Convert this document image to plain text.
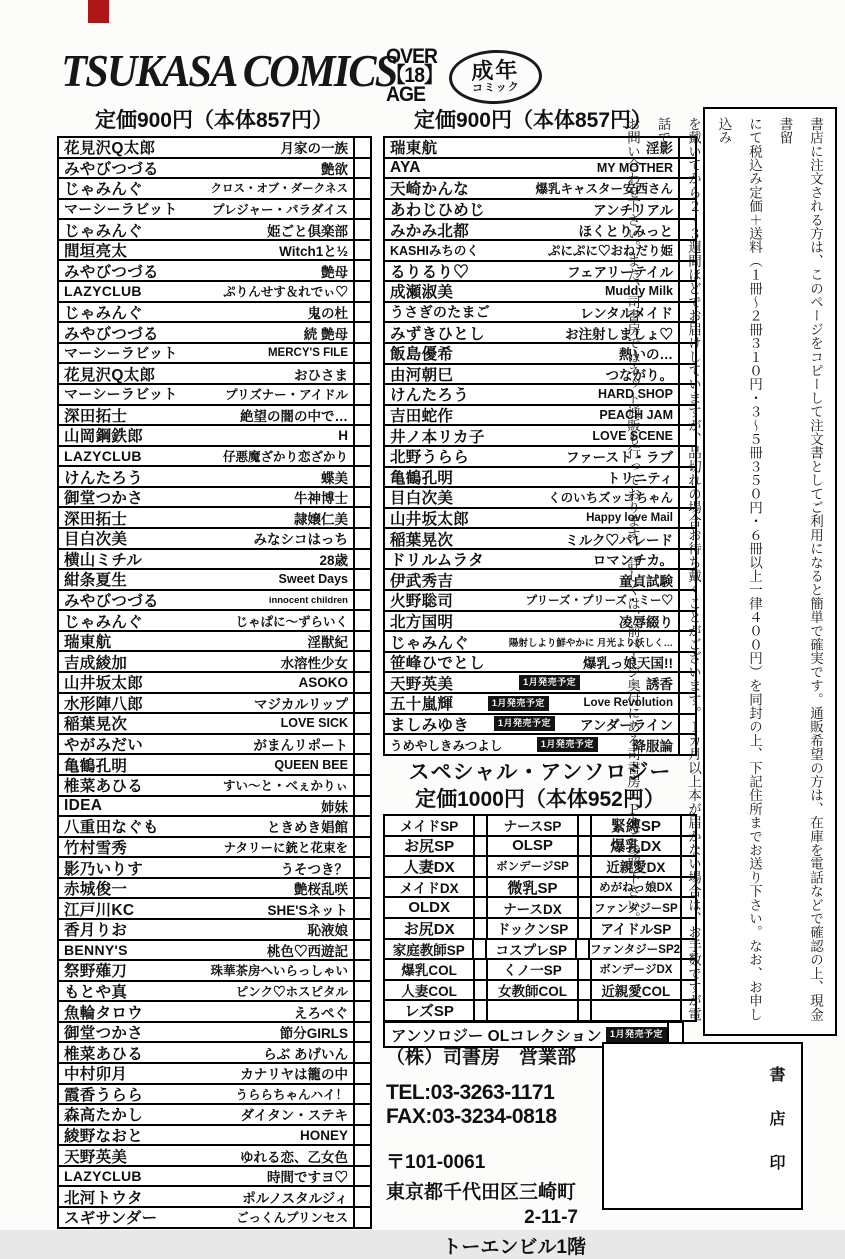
TSUKASA COMICS
OVER
【18】
AGE
成年
コミック
定価900円（本体857円）	定価900円（本体857円）
花見沢Q太郎	月家の一族
みやびつづる	艶欲
じゃみんぐ	クロス・オブ・ダークネス
マーシーラビット	プレジャー・パラダイス
じゃみんぐ	姫ごと倶楽部
間垣亮太	Witch1と½
みやびつづる	艶母
LAZYCLUB	ぷりんせす＆れでぃ♡
じゃみんぐ	鬼の杜
みやびつづる	続 艶母
マーシーラビット	MERCY'S FILE
花見沢Q太郎	おひさま
マーシーラビット	プリズナー・アイドル
深田拓士	絶望の闇の中で…
山岡鋼鉄郎	H
LAZYCLUB	仔悪魔ざかり恋ざかり
けんたろう	蝶美
御堂つかさ	牛神博士
深田拓士	隷嬢仁美
目白次美	みなシコはっち
横山ミチル	28歳
紺条夏生	Sweet Days
みやびつづる	innocent children
じゃみんぐ	じゃぱに〜ずらいく
瑞東航	淫獣紀
吉成綾加	水溶性少女
山井坂太郎	ASOKO
水形陣八郎	マジカルリップ
稲葉晃次	LOVE SICK
やがみだい	がまんリポート
亀鶴孔明	QUEEN BEE
椎菜あひる	すい〜と・べぇかりぃ
IDEA	姉妹
八重田なぐも	ときめき娼館
竹村雪秀	ナタリーに銃と花束を
影乃いりす	うそつき？
赤城俊一	艶桜乱咲
江戸川KC	SHE'Sネット
香月りお	恥液娘
BENNY'S	桃色♡西遊記
祭野薙刀	珠華茶房へいらっしゃい
もとや真	ピンク♡ホスピタル
魚輪タロウ	えろぺぐ
御堂つかさ	節分GIRLS
椎菜あひる	らぶ あげいん
中村卯月	カナリヤは籠の中
霞香うらら	うららちゃんハイ！
森高たかし	ダイタン・ステキ
綾野なおと	HONEY
天野英美	ゆれる恋、乙女色
LAZYCLUB	時間ですヨ♡
北河トウタ	ポルノスタルジィ
スギサンダー	ごっくんプリンセス
瑞東航	淫影
AYA	MY MOTHER
天崎かんな	爆乳キャスター安西さん
あわじひめじ	アンチリアル
みかみ北都	ほくとりみっと
KASHIみちのく	ぷにぷに♡おねだり姫
るりるり♡	フェアリーテイル
成瀬淑美	Muddy Milk
うさぎのたまご	レンタルメイド
みずきひとし	お注射しましょ♡
飯島優希	熱いの…
由河朝巳	つながり。
けんたろう	HARD SHOP
吉田蛇作	PEACH JAM
井ノ本リカ子	LOVE SCENE
北野うらら	ファースト・ラブ
亀鶴孔明	トリニティ
目白次美	くのいちズッコちゃん
山井坂太郎	Happy love Mail
稲葉晃次	ミルク♡パレード
ドリルムラタ	ロマンチカ。
伊武秀吉	童貞試験
火野聡司	プリーズ・プリーズ・ミー♡
北方国明	凌辱綴り
じゃみんぐ	陽射しより鮮やかに 月光より妖しく…
笹峰ひでとし	爆乳っ娘天国!!
天野英美	1月発売予定	誘香
五十嵐輝	1月発売予定	Love Revolution
ましみゆき	1月発売予定 アンダーライン
うめやしきみつよし	1月発売予定	降服論
スペシャル・アンソロジー
定価1000円（本体952円）
メイドSP	ナースSP	緊縛SP
お尻SP	OLSP	爆乳DX
人妻DX	ボンデージSP	近親愛DX
メイドDX	微乳SP	めがねっ娘DX
OLDX	ナースDX	ファンタジーSP
お尻DX	ドックンSP	アイドルSP
家庭教師SP	コスプレSP	ファンタジーSP2
爆乳COL	くノ一SP	ボンデージDX
人妻COL	女教師COL	近親愛COL
レズSP
アンソロジー OLコレクション 1月発売予定
（株）司書房　営業部
TEL:03-3263-1171
FAX:03-3234-0818
〒101-0061
東京都千代田区三崎町
2-11-7
トーエンビル1階
書店印
書店に注文される方は、このページをコピーして注文書としてご利用になると簡単で確実です。通販希望の方は、在庫を電話などで確認の上、現金書留
にて税込み定価＋送料（１冊〜２冊３１０円・３〜５冊３５０円・６冊以上一律４００円）を同封の上、下記住所までお送り下さい。なお、お申し込み
を戴いてから２・３週間ほどでお届けしていますが、品切れの場合お待ち戴くことがございます。１カ月以上本が届かない場合は、お手数ですが電話で
お問い合わせ下さい。また、司書房ではネット通販も行っております。詳しくは、前ページ奥付にある司書房ＨＰをご参照下さい。
